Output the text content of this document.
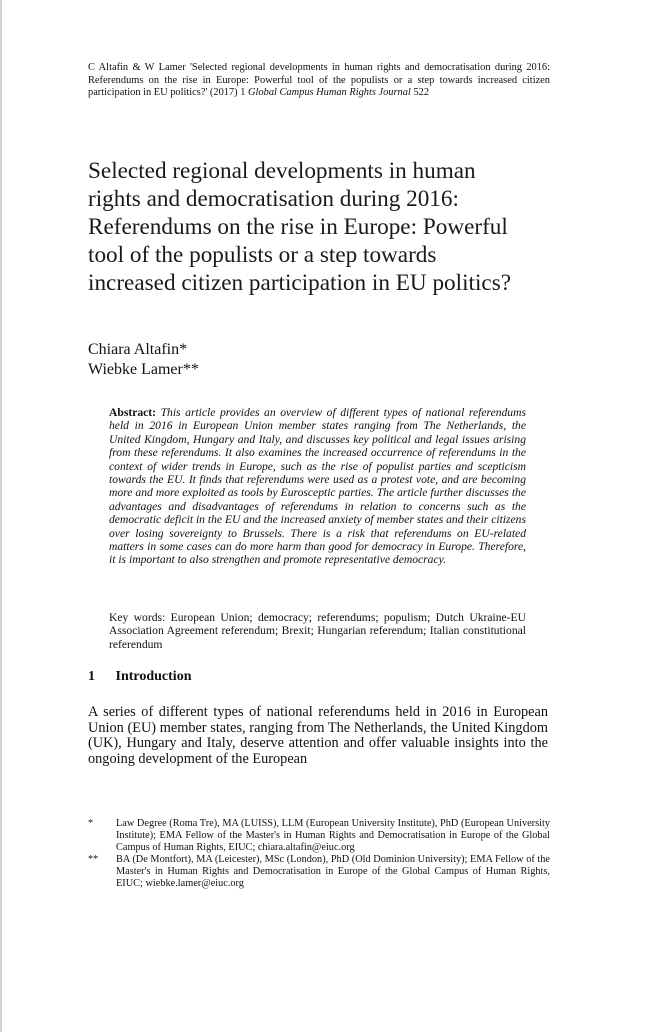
C Altafin & W Lamer 'Selected regional developments in human rights and democratisation during 2016: Referendums on the rise in Europe: Powerful tool of the populists or a step towards increased citizen participation in EU politics?' (2017) 1 Global Campus Human Rights Journal 522
Selected regional developments in human
rights and democratisation during 2016:
Referendums on the rise in Europe: Powerful
tool of the populists or a step towards
increased citizen participation in EU politics?
Chiara Altafin*
Wiebke Lamer**
Abstract: This article provides an overview of different types of national referendums held in 2016 in European Union member states ranging from The Netherlands, the United Kingdom, Hungary and Italy, and discusses key political and legal issues arising from these referendums. It also examines the increased occurrence of referendums in the context of wider trends in Europe, such as the rise of populist parties and scepticism towards the EU. It finds that referendums were used as a protest vote, and are becoming more and more exploited as tools by Eurosceptic parties. The article further discusses the advantages and disadvantages of referendums in relation to concerns such as the democratic deficit in the EU and the increased anxiety of member states and their citizens over losing sovereignty to Brussels. There is a risk that referendums on EU-related matters in some cases can do more harm than good for democracy in Europe. Therefore, it is important to also strengthen and promote representative democracy.
Key words: European Union; democracy; referendums; populism; Dutch Ukraine-EU Association Agreement referendum; Brexit; Hungarian referendum; Italian constitutional referendum
1 Introduction
A series of different types of national referendums held in 2016 in European Union (EU) member states, ranging from The Netherlands, the United Kingdom (UK), Hungary and Italy, deserve attention and offer valuable insights into the ongoing development of the European
* Law Degree (Roma Tre), MA (LUISS), LLM (European University Institute), PhD (European University Institute); EMA Fellow of the Master's in Human Rights and Democratisation in Europe of the Global Campus of Human Rights, EIUC; chiara.altafin@eiuc.org
** BA (De Montfort), MA (Leicester), MSc (London), PhD (Old Dominion University); EMA Fellow of the Master's in Human Rights and Democratisation in Europe of the Global Campus of Human Rights, EIUC; wiebke.lamer@eiuc.org
